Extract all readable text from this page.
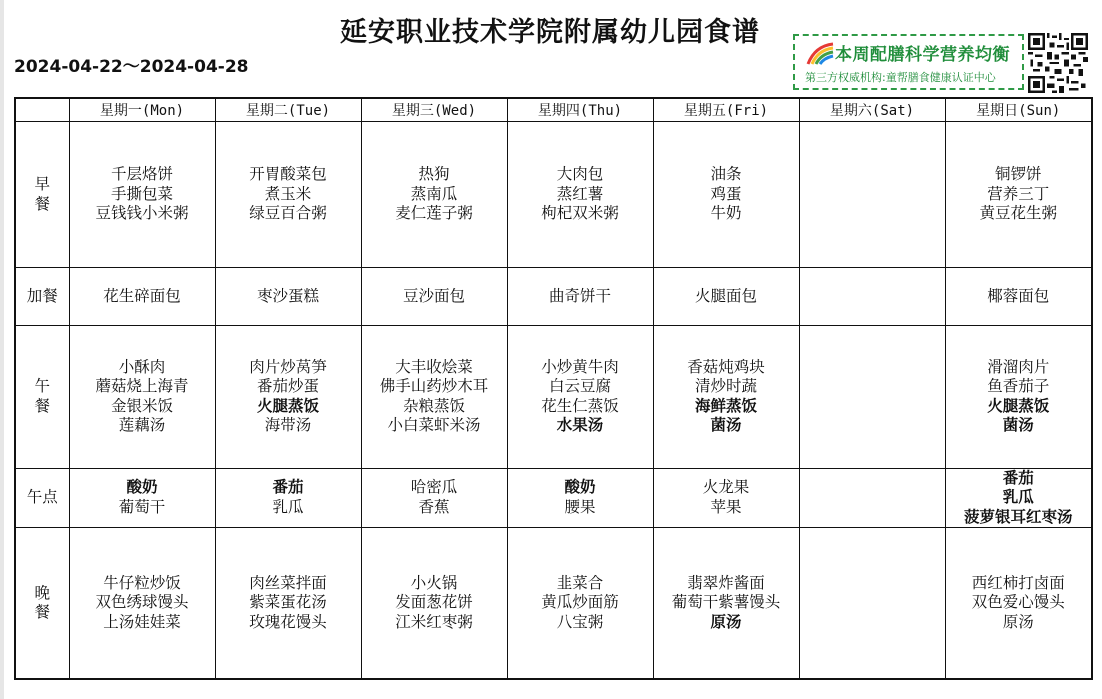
延安职业技术学院附属幼儿园食谱
2024-04-22～2024-04-28
本周配膳科学营养均衡
第三方权威机构:童帮膳食健康认证中心
	星期一(Mon)	星期二(Tue)	星期三(Wed)	星期四(Thu)	星期五(Fri)	星期六(Sat)	星期日(Sun)

早
餐	千层烙饼
手撕包菜
豆钱钱小米粥	开胃酸菜包
煮玉米
绿豆百合粥	热狗
蒸南瓜
麦仁莲子粥	大肉包
蒸红薯
枸杞双米粥	油条
鸡蛋
牛奶		铜锣饼
营养三丁
黄豆花生粥

加餐	花生碎面包	枣沙蛋糕	豆沙面包	曲奇饼干	火腿面包		椰蓉面包

午
餐	小酥肉
蘑菇烧上海青
金银米饭
莲藕汤	肉片炒莴笋
番茄炒蛋
火腿蒸饭
海带汤	大丰收烩菜
佛手山药炒木耳
杂粮蒸饭
小白菜虾米汤	小炒黄牛肉
白云豆腐
花生仁蒸饭
水果汤	香菇炖鸡块
清炒时蔬
海鲜蒸饭
菌汤		滑溜肉片
鱼香茄子
火腿蒸饭
菌汤

午点	酸奶
葡萄干	番茄
乳瓜	哈密瓜
香蕉	酸奶
腰果	火龙果
苹果		番茄
乳瓜
菠萝银耳红枣汤

晚
餐	牛仔粒炒饭
双色绣球馒头
上汤娃娃菜	肉丝菜拌面
紫菜蛋花汤
玫瑰花馒头	小火锅
发面葱花饼
江米红枣粥	韭菜合
黄瓜炒面筋
八宝粥	翡翠炸酱面
葡萄干紫薯馒头
原汤		西红柿打卤面
双色爱心馒头
原汤
